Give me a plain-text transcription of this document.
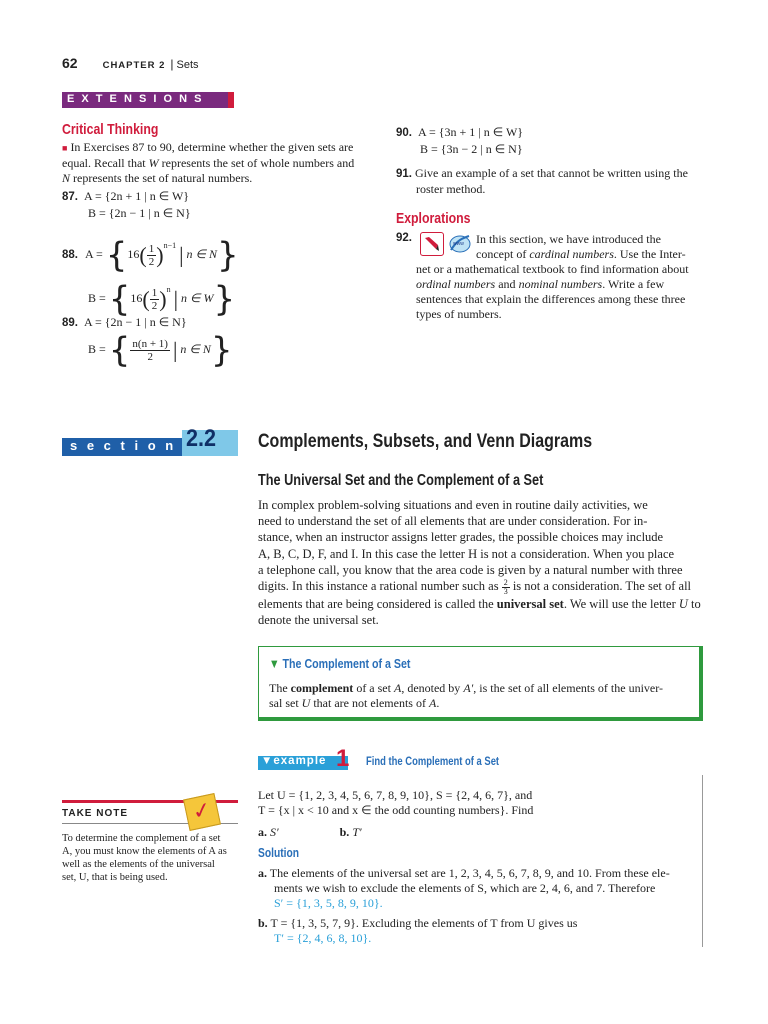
62	CHAPTER 2 | Sets
E X T E N S I O N S
Critical Thinking
■ In Exercises 87 to 90, determine whether the given sets are
equal. Recall that W represents the set of whole numbers and
N represents the set of natural numbers.
87. A = {2n + 1 | n ∈ W}
B = {2n − 1 | n ∈ N}
88. $A = \{16( \frac{1}{2} )^{n-1}$ | n ∈ N}
$B = \{16( \frac{1}{2} )^n$ | n ∈ W}
89. A = {2n − 1 | n ∈ N}
B = { $\frac{n(n + 1)}{2}$ | n ∈ N}
90. A = {3n + 1 | n ∈ W}
B = {3n − 2 | n ∈ N}
91. Give an example of a set that cannot be written using the
roster method.
Explorations
92.	www In this section, we have introduced the
concept of cardinal numbers. Use the Inter-
net or a mathematical textbook to find information about
ordinal numbers and nominal numbers. Write a few
sentences that explain the differences among these three
types of numbers.
s e c t i o n 2.2 Complements, Subsets, and Venn Diagrams
The Universal Set and the Complement of a Set
In complex problem-solving situations and even in routine daily activities, we
need to understand the set of all elements that are under consideration. For in-
stance, when an instructor assigns letter grades, the possible choices may include
A, B, C, D, F, and I. In this case the letter H is not a consideration. When you place
a telephone call, you know that the area code is given by a natural number with three
digits. In this instance a rational number such as $\frac{2}{3}$ is not a consideration. The set of all
elements that are being considered is called the universal set. We will use the letter U to
denote the universal set.
▼ The Complement of a Set
The complement of a set A, denoted by A′, is the set of all elements of the univer-
sal set U that are not elements of A.
▼example 1 Find the Complement of a Set
TAKE NOTE	✓
To determine the complement of a set
A, you must know the elements of A as
well as the elements of the universal
set, U, that is being used.
Let U = {1, 2, 3, 4, 5, 6, 7, 8, 9, 10}, S = {2, 4, 6, 7}, and
T = {x | x < 10 and x ∈ the odd counting numbers}. Find
a. S′	b. T′
Solution
a. The elements of the universal set are 1, 2, 3, 4, 5, 6, 7, 8, 9, and 10. From these ele-
ments we wish to exclude the elements of S, which are 2, 4, 6, and 7. Therefore
S′ = {1, 3, 5, 8, 9, 10}.
b. T = {1, 3, 5, 7, 9}. Excluding the elements of T from U gives us
T′ = {2, 4, 6, 8, 10}.
